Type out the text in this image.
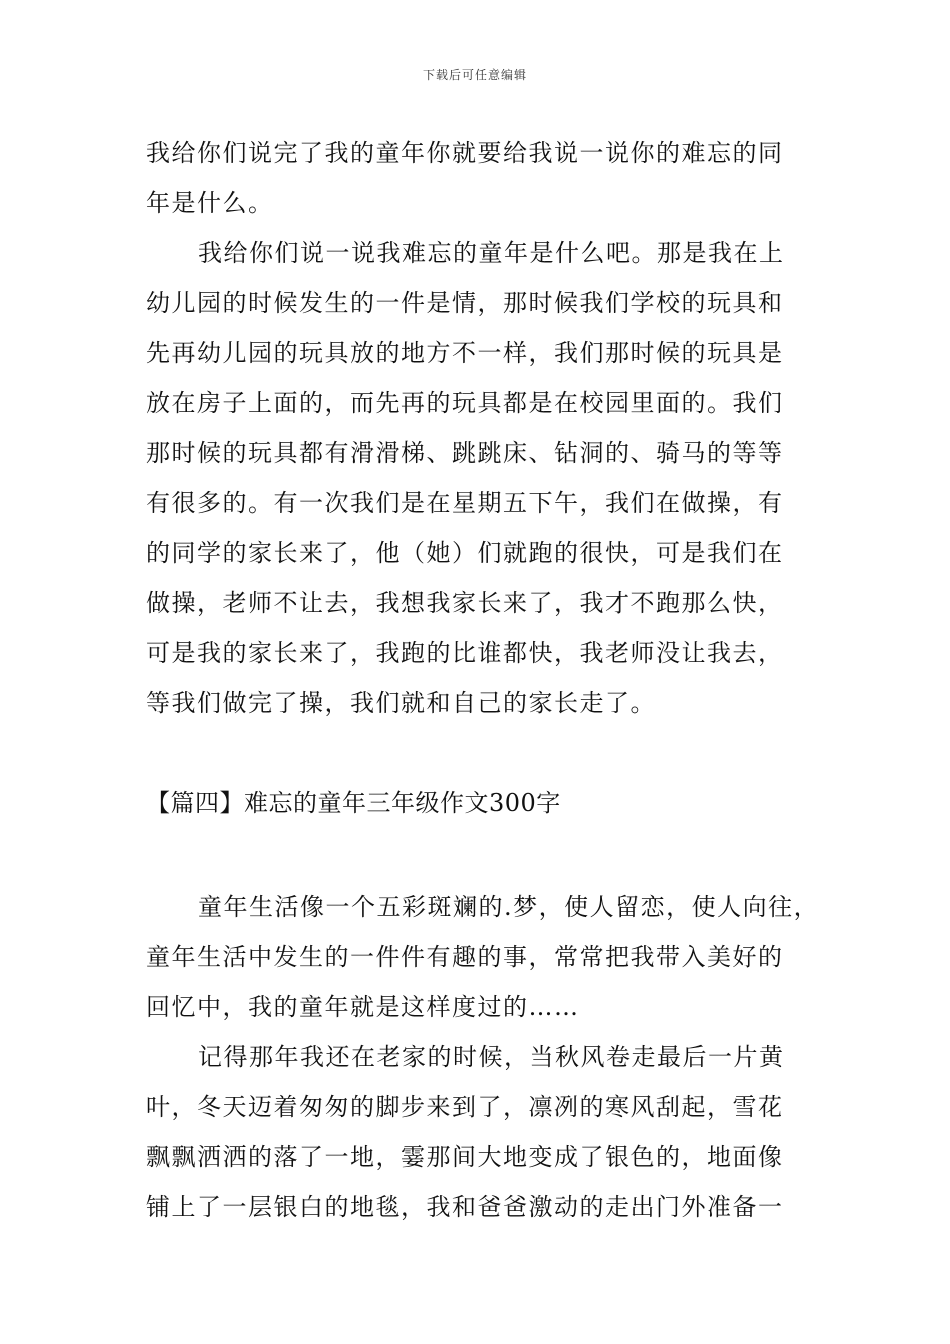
下载后可任意编辑

我给你们说完了我的童年你就要给我说一说你的难忘的同

年是什么。

我给你们说一说我难忘的童年是什么吧。那是我在上

幼儿园的时候发生的一件是情，那时候我们学校的玩具和

先再幼儿园的玩具放的地方不一样，我们那时候的玩具是

放在房子上面的，而先再的玩具都是在校园里面的。我们

那时候的玩具都有滑滑梯、跳跳床、钻洞的、骑马的等等

有很多的。有一次我们是在星期五下午，我们在做操，有

的同学的家长来了，他（她）们就跑的很快，可是我们在

做操，老师不让去，我想我家长来了，我才不跑那么快，

可是我的家长来了，我跑的比谁都快，我老师没让我去，

等我们做完了操，我们就和自己的家长走了。

【篇四】难忘的童年三年级作文300字

童年生活像一个五彩斑斓的.梦，使人留恋，使人向往，

童年生活中发生的一件件有趣的事，常常把我带入美好的

回忆中，我的童年就是这样度过的……

记得那年我还在老家的时候，当秋风卷走最后一片黄

叶，冬天迈着匆匆的脚步来到了，凛冽的寒风刮起，雪花

飘飘洒洒的落了一地，霎那间大地变成了银色的，地面像

铺上了一层银白的地毯，我和爸爸激动的走出门外准备一
